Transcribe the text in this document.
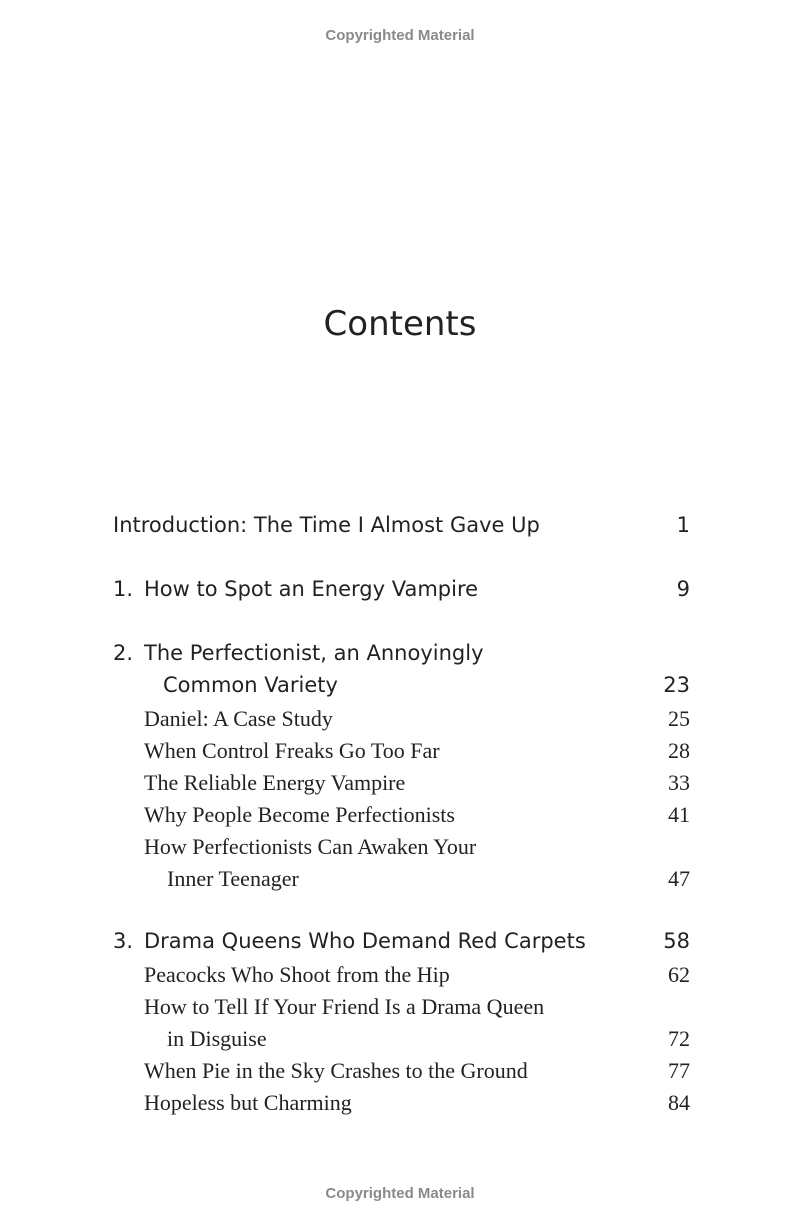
Copyrighted Material
Contents
Introduction: The Time I Almost Gave Up	1
1. How to Spot an Energy Vampire	9
2. The Perfectionist, an Annoyingly
Common Variety	23
Daniel: A Case Study	25
When Control Freaks Go Too Far	28
The Reliable Energy Vampire	33
Why People Become Perfectionists	41
How Perfectionists Can Awaken Your
Inner Teenager	47
3. Drama Queens Who Demand Red Carpets	58
Peacocks Who Shoot from the Hip	62
How to Tell If Your Friend Is a Drama Queen
in Disguise	72
When Pie in the Sky Crashes to the Ground	77
Hopeless but Charming	84
Copyrighted Material
